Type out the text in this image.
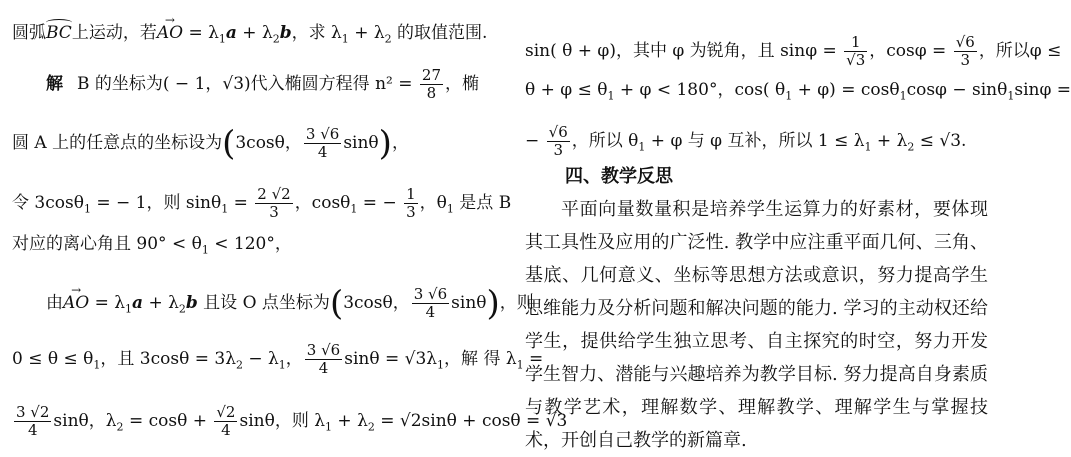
圆弧BC上运动，若→ AO = $\lambda_1a + \lambda_2b$，求 $\lambda_1 + \lambda_2$ 的取值范围.
解 B 的坐标为( − 1，√3)代入椭圆方程得 $n^2 = \frac{27}{8}$ ，椭
圆 A 上的任意点的坐标设为(3cosθ， $\frac{3 √6}{4} \sin\theta$)，
令 3cosθ$_1$ = − 1，则 $\sin\theta_1 = \frac{2 √2}{3}$ ，cosθ$_1$ = − $\frac{1}{3}$ ，$\theta_1$ 是点 B
对应的离心角且 $90^\circ < \theta_1 < 120^\circ$，
由→ AO = $\lambda_1a + \lambda_2b$ 且设 O 点坐标为(3cosθ， $\frac{3 √6}{4} \sin\theta$)，则
$0 \le \theta \le \theta_1$，且 $3\cos\theta = 3\lambda_2 - \lambda_1$， $\frac{3 √6}{4}$ $\sin\theta = √3\lambda_1$，解 得 $\lambda_1$ =
$\frac{3 √2}{4}$ sinθ，$\lambda_2 = \cos\theta + \frac{√2}{4}$ sinθ，则 $\lambda_1 + \lambda_2 = √2\sin\theta + \cos\theta = √3$
sin( θ + φ)，其中 φ 为锐角，且 $\sin\varphi = \frac{1}{√3}$ ，$\cos\varphi = \frac{√6}{3}$ ，所以φ ≤
$\theta + \varphi \le \theta_1 + \varphi < 180^\circ$，cos( $\theta_1 + \varphi) = \cos\theta_1\cos\varphi - \sin\theta_1\sin\varphi$ =
− $\frac{√6}{3}$ ，所以 $\theta_1 + \varphi$ 与 φ 互补，所以 $1 \le \lambda_1 + \lambda_2 \le √3$.
四、教学反思
平面向量数量积是培养学生运算力的好素材，要体现其工具性及应用的广泛性. 教学中应注重平面几何、三角、基底、几何意义、坐标等思想方法或意识，努力提高学生思维能力及分析问题和解决问题的能力. 学习的主动权还给学生，提供给学生独立思考、自主探究的时空，努力开发学生智力、潜能与兴趣培养为教学目标. 努力提高自身素质与教学艺术，理解数学、理解教学、理解学生与掌握技术，开创自己教学的新篇章.
